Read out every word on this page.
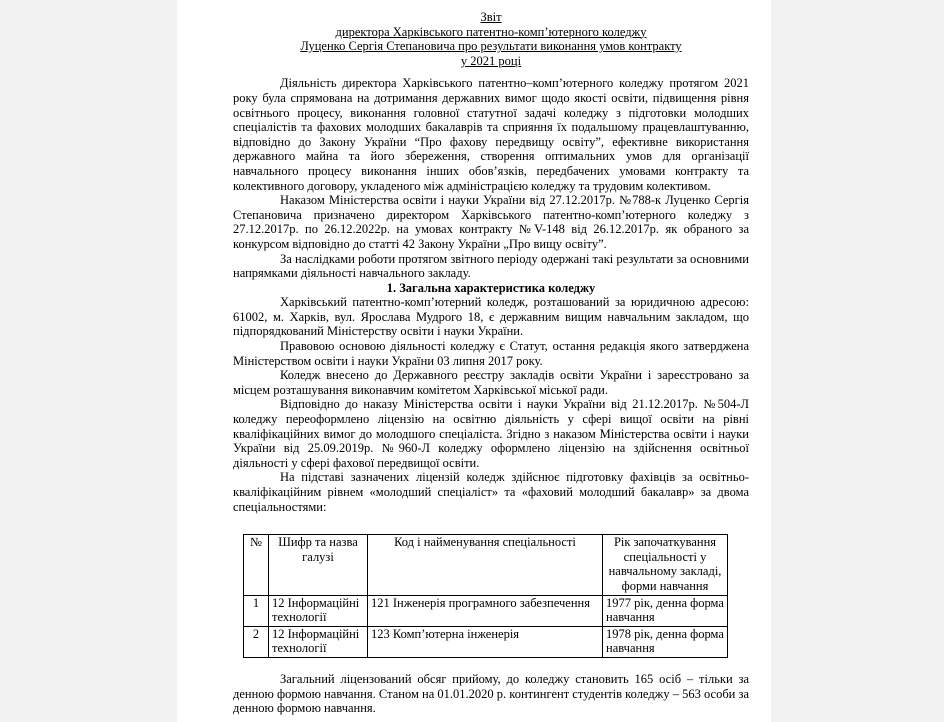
Звіт
директора Харківського патентно-комп’ютерного коледжу
Луценко Сергія Степановича про результати виконання умов контракту
у 2021 році

Діяльність директора Харківського патентно–комп’ютерного коледжу протягом 2021 року була спрямована на дотримання державних вимог щодо якості освіти, підвищення рівня освітнього процесу, виконання головної статутної задачі коледжу з підготовки молодших спеціалістів та фахових молодших бакалаврів та сприяння їх подальшому працевлаштуванню, відповідно до Закону України “Про фахову передвищу освіту”, ефективне використання державного майна та його збереження, створення оптимальних умов для організації навчального процесу виконання інших обов’язків, передбачених умовами контракту та колективного договору, укладеного між адміністрацією коледжу та трудовим колективом.

Наказом Міністерства освіти і науки України від 27.12.2017р. №788-к Луценко Сергія Степановича призначено директором Харківського патентно-комп’ютерного коледжу з 27.12.2017р. по 26.12.2022р. на умовах контракту №V-148 від 26.12.2017р. як обраного за конкурсом відповідно до статті 42 Закону України „Про вищу освіту”.

За наслідками роботи протягом звітного періоду одержані такі результати за основними напрямками діяльності навчального закладу.

1. Загальна характеристика коледжу

Харківський патентно-комп’ютерний коледж, розташований за юридичною адресою: 61002, м. Харків, вул. Ярослава Мудрого 18, є державним вищим навчальним закладом, що підпорядкований Міністерству освіти і науки України.

Правовою основою діяльності коледжу є Статут, остання редакція якого затверджена Міністерством освіти і науки України 03 липня 2017 року.

Коледж внесено до Державного реєстру закладів освіти України і зареєстровано за місцем розташування виконавчим комітетом Харківської міської ради.

Відповідно до наказу Міністерства освіти і науки України від 21.12.2017р. №504-Л коледжу переоформлено ліцензію на освітню діяльність у сфері вищої освіти на рівні кваліфікаційних вимог до молодшого спеціаліста. Згідно з наказом Міністерства освіти і науки України від 25.09.2019р. №960-Л коледжу оформлено ліцензію на здійснення освітньої діяльності у сфері фахової передвищої освіти.

На підставі зазначених ліцензій коледж здійснює підготовку фахівців за освітньо-кваліфікаційним рівнем «молодший спеціаліст» та «фаховий молодший бакалавр» за двома спеціальностями:

№	Шифр та назва галузі	Код і найменування спеціальності	Рік започаткування спеціальності у навчальному закладі, форми навчання
1	12 Інформаційні технології	121 Інженерія програмного забезпечення	1977 рік, денна форма навчання
2	12 Інформаційні технології	123 Комп’ютерна інженерія	1978 рік, денна форма навчання

Загальний ліцензований обсяг прийому, до коледжу становить 165 осіб – тільки за денною формою навчання. Станом на 01.01.2020 р. контингент студентів коледжу – 563 особи за денною формою навчання.
